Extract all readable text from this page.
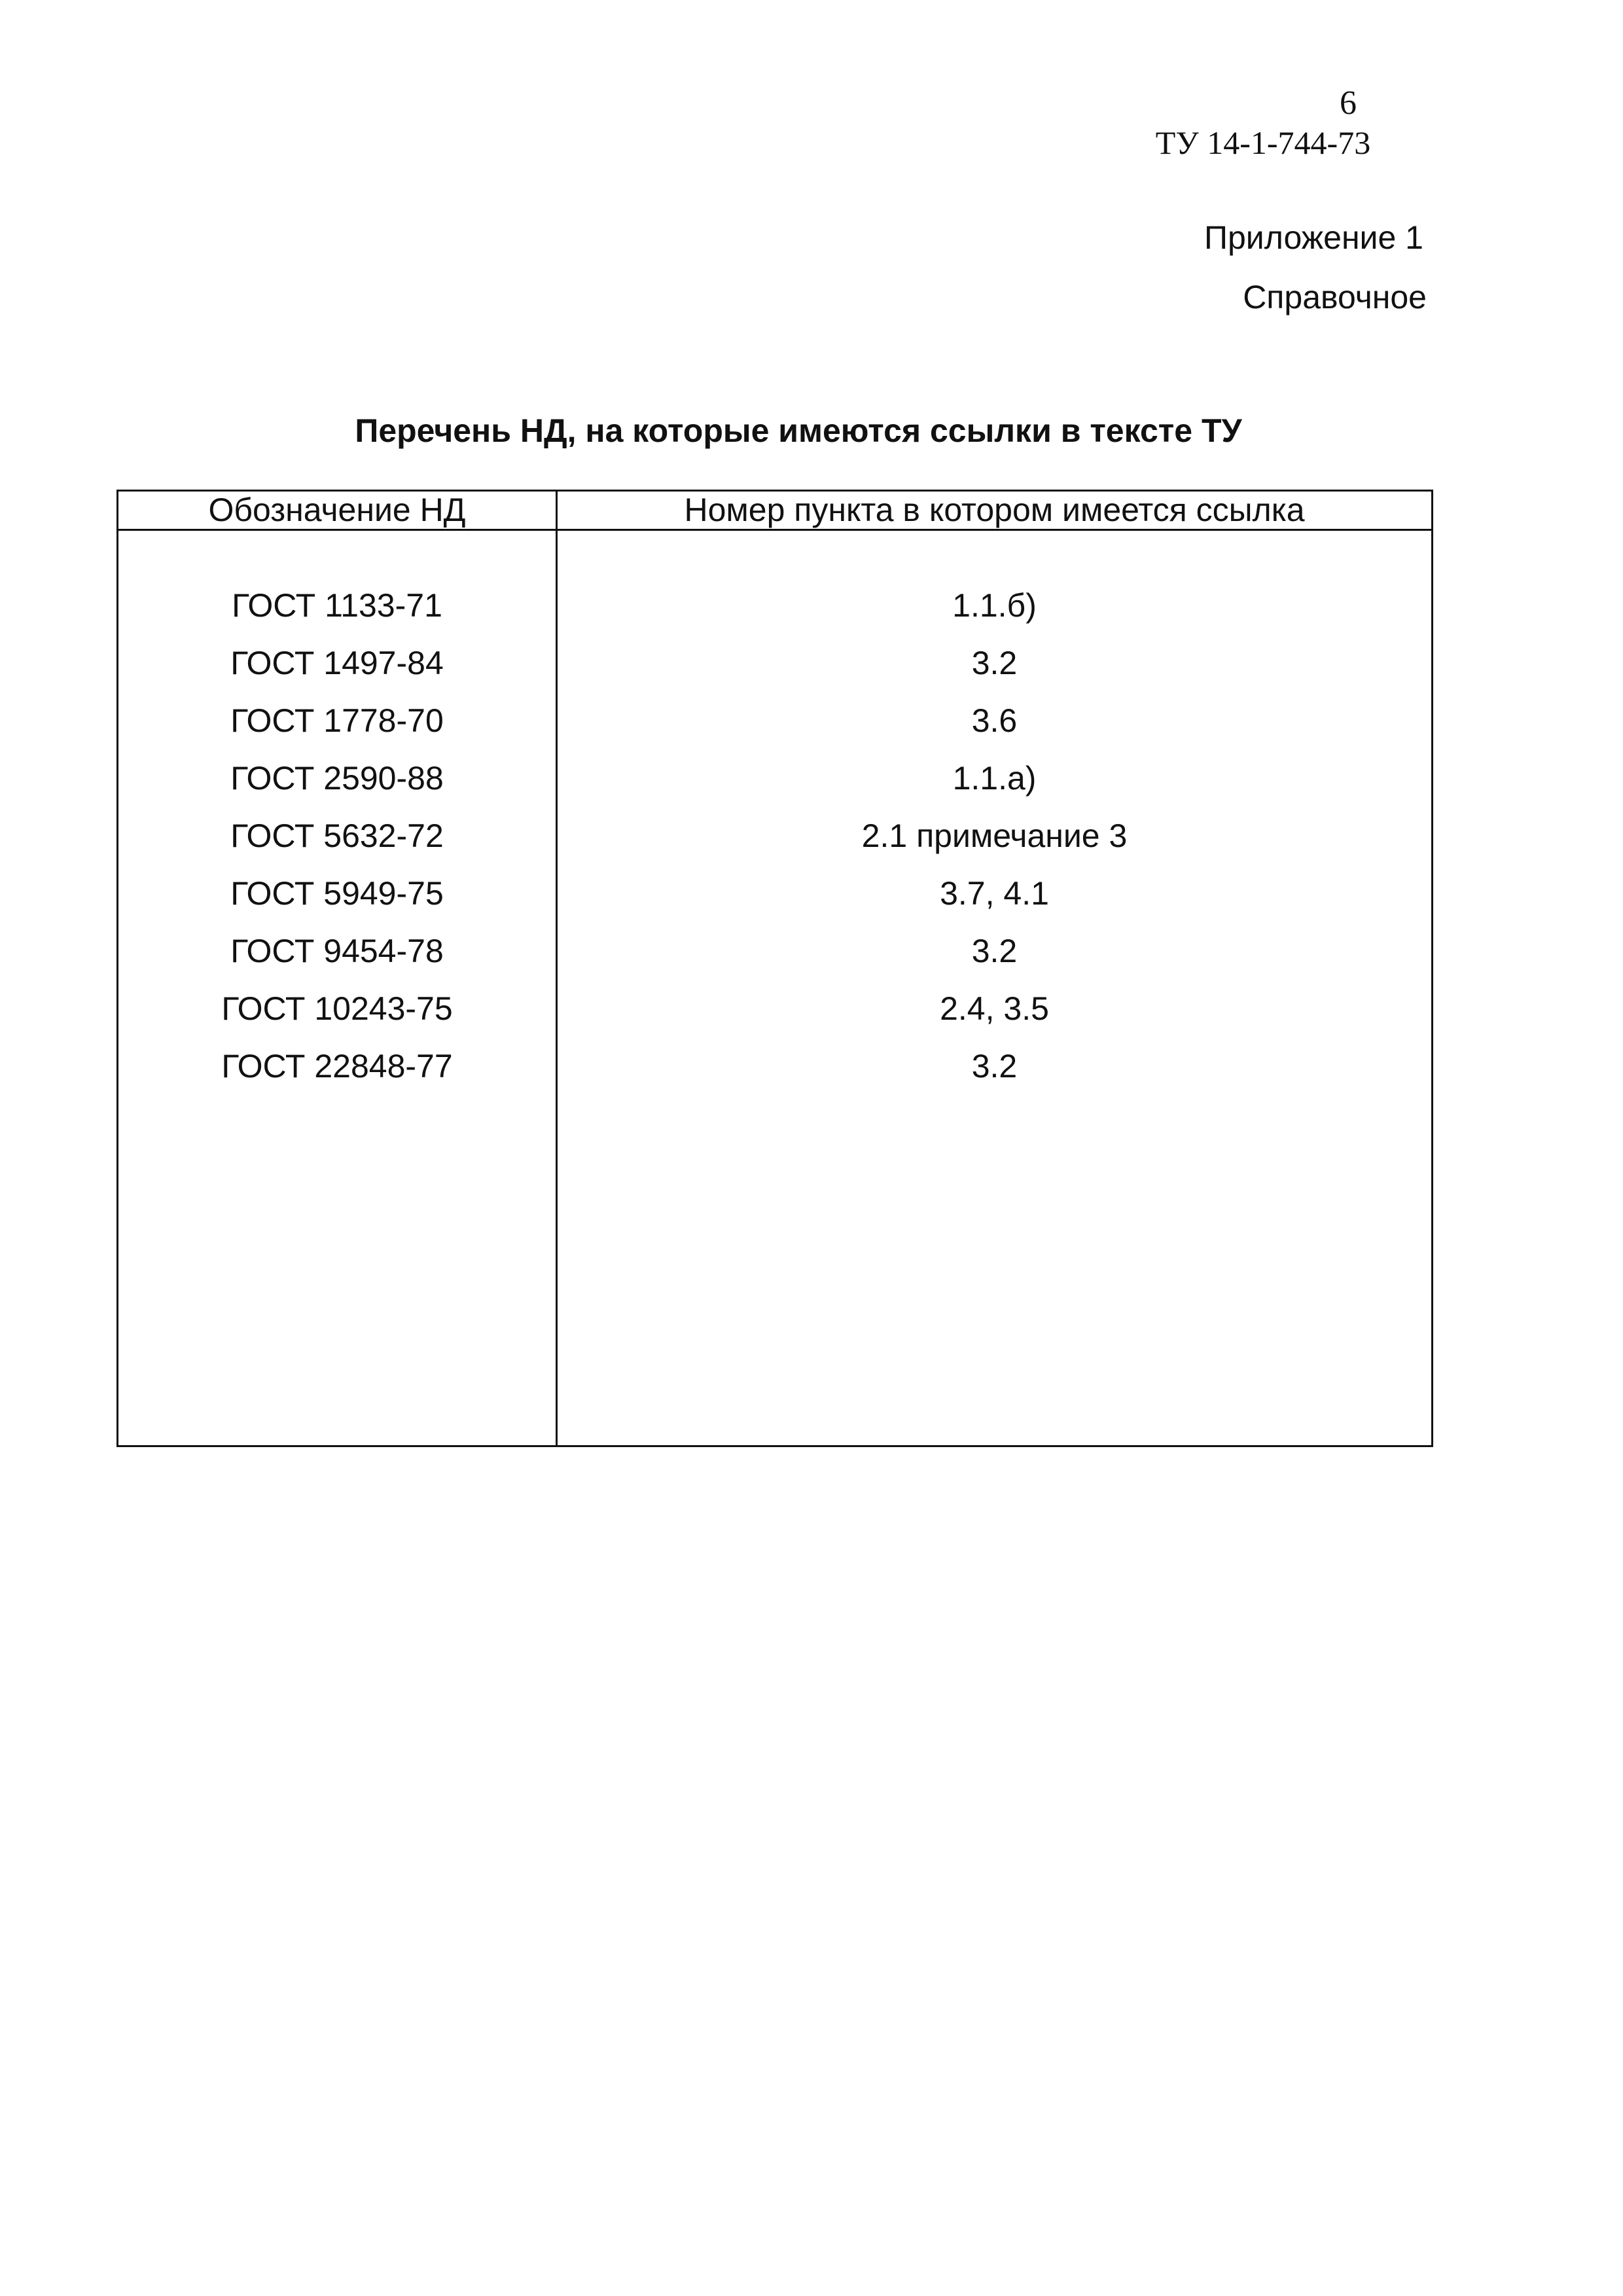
6
ТУ 14-1-744-73
Приложение 1
Справочное
Перечень НД, на которые имеются ссылки в тексте ТУ
Обозначение НД	Номер пункта в котором имеется ссылка
ГОСТ 1133-71	1.1.б)
ГОСТ 1497-84	3.2
ГОСТ 1778-70	3.6
ГОСТ 2590-88	1.1.а)
ГОСТ 5632-72	2.1 примечание 3
ГОСТ 5949-75	3.7, 4.1
ГОСТ 9454-78	3.2
ГОСТ 10243-75	2.4, 3.5
ГОСТ 22848-77	3.2
